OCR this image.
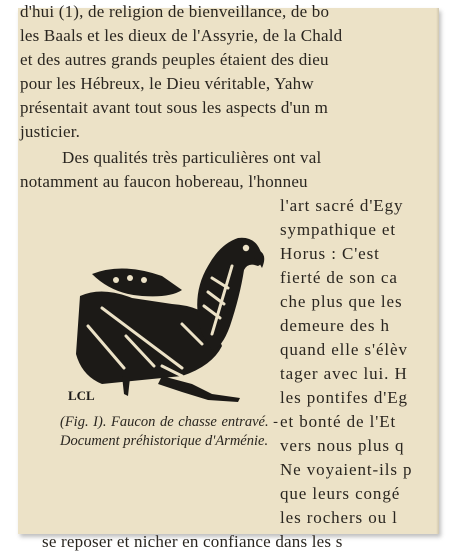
d'hui (1), de religion de bienveillance, de bo
les Baals et les dieux de l'Assyrie, de la Chald
et des autres grands peuples étaient des dieu
pour les Hébreux, le Dieu véritable, Yahw
présentait avant tout sous les aspects d'un m
justicier.
Des qualités très particulières ont val
notamment au faucon hobereau, l'honneu
l'art sacré d'Egy
sympathique et
Horus : C'est
fierté de son ca
che plus que les
demeure des h
quand elle s'élèv
tager avec lui. H
les pontifes d'Eg
et bonté de l'Et
vers nous plus q
Ne voyaient-ils p
que leurs congé
les rochers ou l
se reposer et nicher en confiance dans les s
LCL
(Fig. I). Faucon de chasse entravé. - Document préhistorique d'Arménie.
